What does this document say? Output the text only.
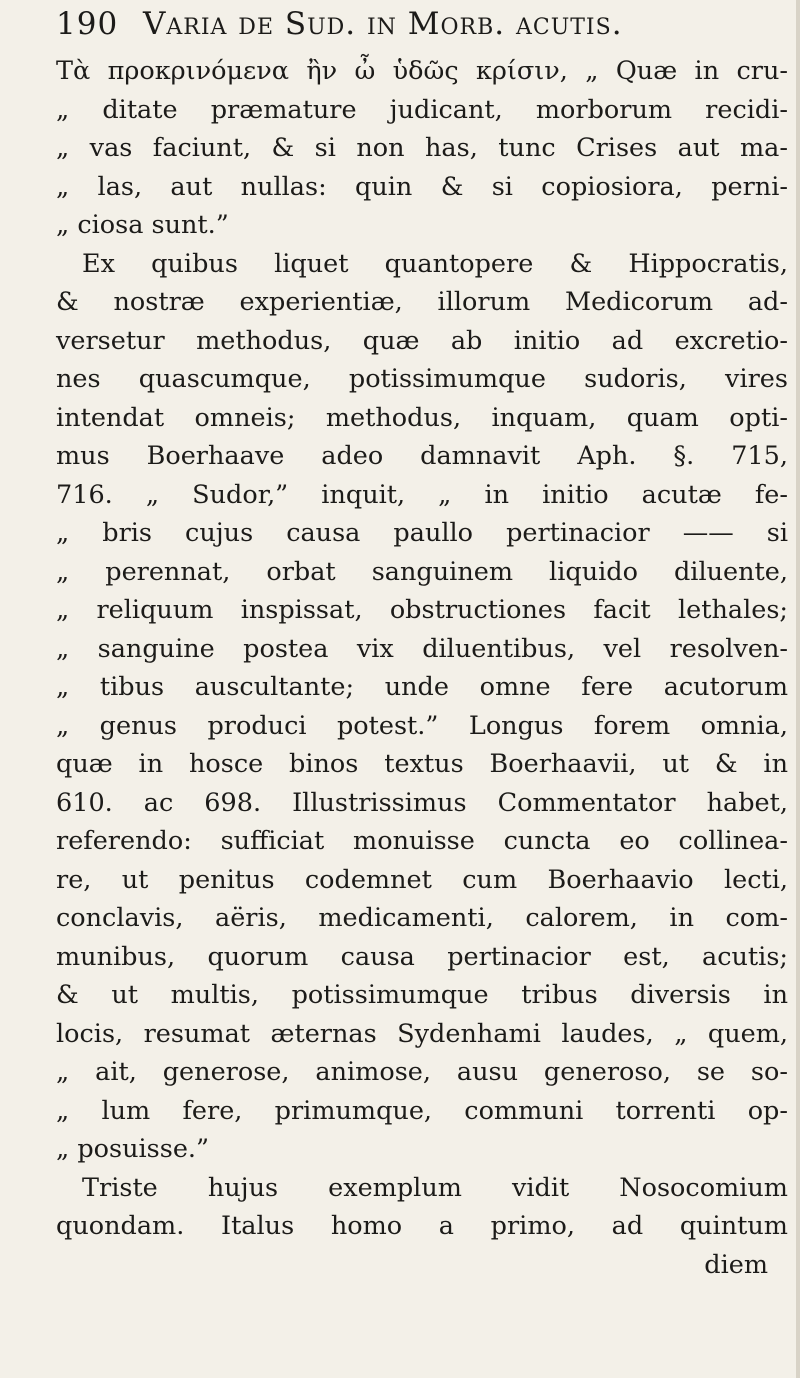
190 Varia de Sud. in Morb. acutis.
Τὰ προκρινόμενα ἢν ὦ ὑδῶς κρίσιν, „ Quæ in cru-
„ ditate præmature judicant, morborum recidi-
„ vas faciunt, & si non has, tunc Crises aut ma-
„ las, aut nullas: quin & si copiosiora, perni-
„ ciosa sunt.”
Ex quibus liquet quantopere & Hippocratis,
& nostræ experientiæ, illorum Medicorum ad-
versetur methodus, quæ ab initio ad excretio-
nes quascumque, potissimumque sudoris, vires
intendat omneis; methodus, inquam, quam opti-
mus Boerhaave adeo damnavit Aph. §. 715,
716. „ Sudor,” inquit, „ in initio acutæ fe-
„ bris cujus causa paullo pertinacior —— si
„ perennat, orbat sanguinem liquido diluente,
„ reliquum inspissat, obstructiones facit lethales;
„ sanguine postea vix diluentibus, vel resolven-
„ tibus auscultante; unde omne fere acutorum
„ genus produci potest.” Longus forem omnia,
quæ in hosce binos textus Boerhaavii, ut & in
610. ac 698. Illustrissimus Commentator habet,
referendo: sufficiat monuisse cuncta eo collinea-
re, ut penitus codemnet cum Boerhaavio lecti,
conclavis, aëris, medicamenti, calorem, in com-
munibus, quorum causa pertinacior est, acutis;
& ut multis, potissimumque tribus diversis in
locis, resumat æternas Sydenhami laudes, „ quem,
„ ait, generose, animose, ausu generoso, se so-
„ lum fere, primumque, communi torrenti op-
„ posuisse.”
Triste hujus exemplum vidit Nosocomium
quondam. Italus homo a primo, ad quintum
diem
